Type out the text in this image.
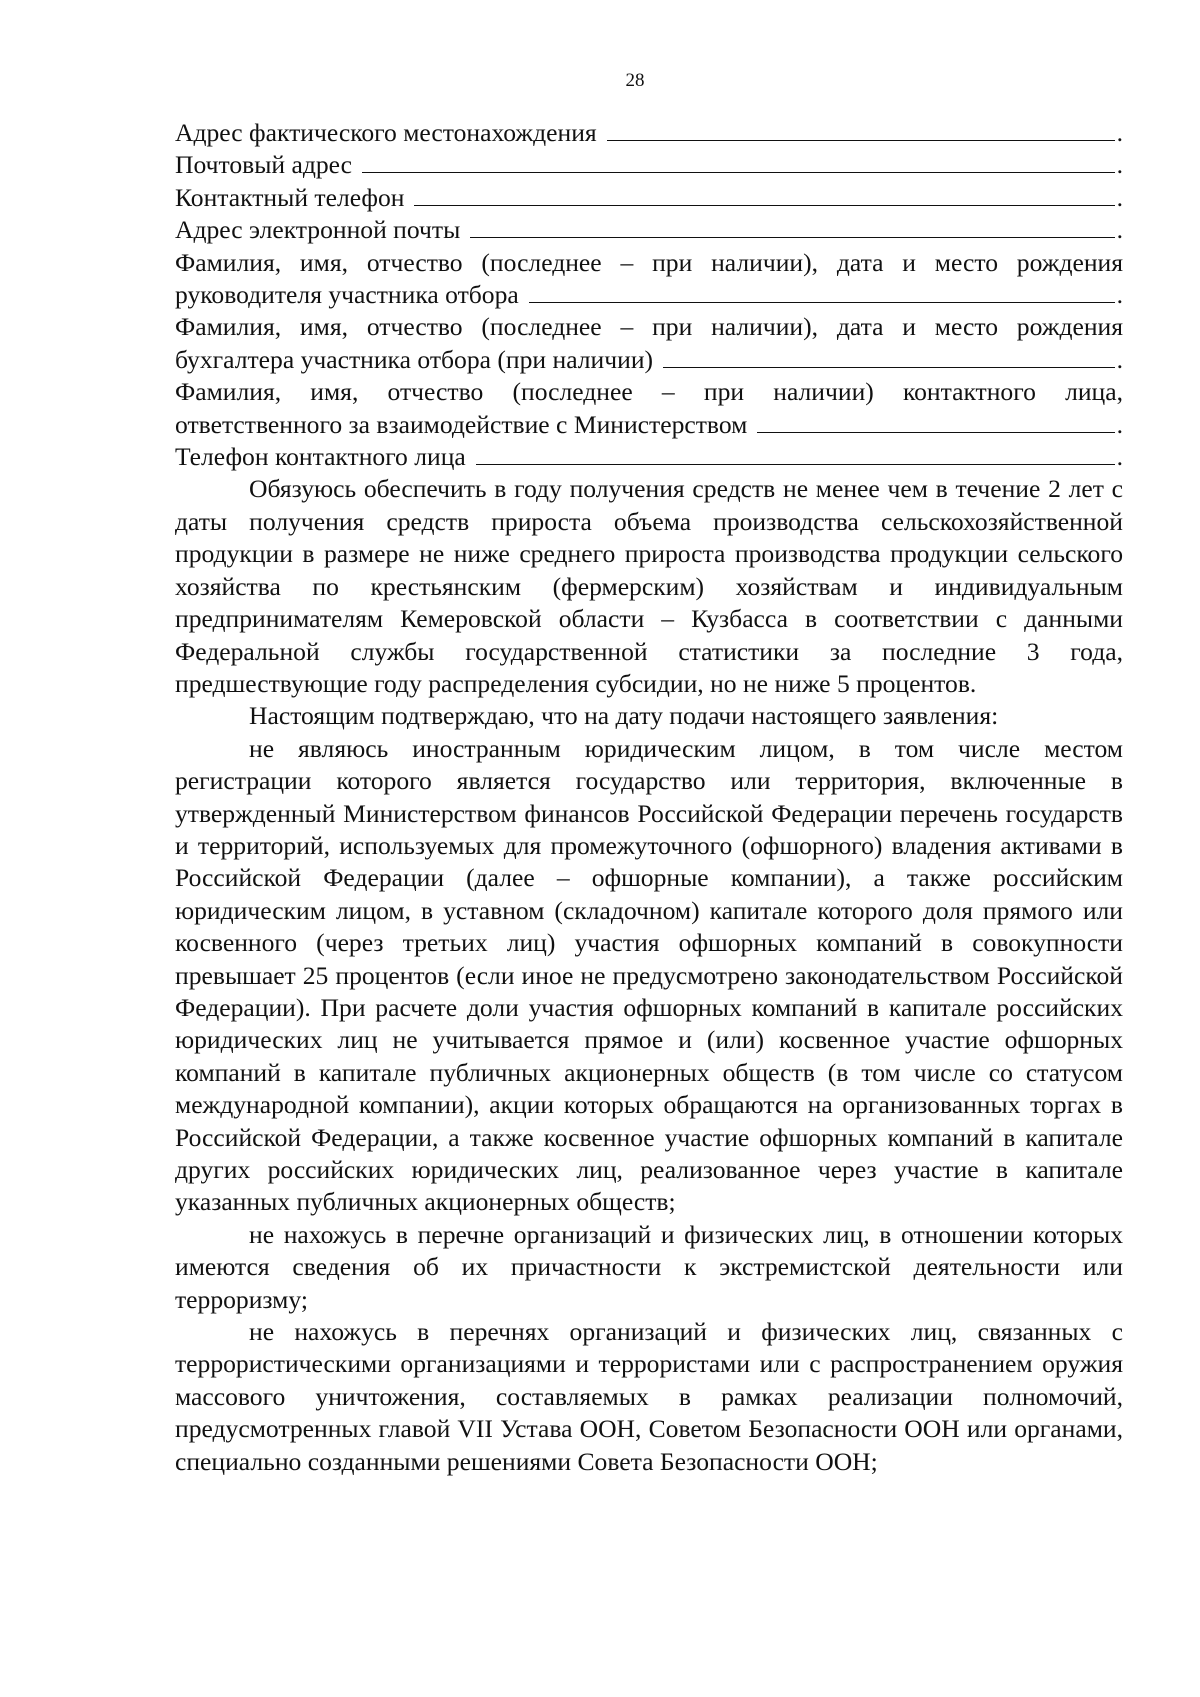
28
Адрес фактического местонахождения	.
Почтовый адрес	.
Контактный телефон	.
Адрес электронной почты	.
Фамилия, имя, отчество (последнее – при наличии), дата и место рождения
руководителя участника отбора	.
Фамилия, имя, отчество (последнее – при наличии), дата и место рождения
бухгалтера участника отбора (при наличии)	.
Фамилия, имя, отчество (последнее – при наличии) контактного лица,
ответственного за взаимодействие с Министерством	.
Телефон контактного лица	.

Обязуюсь обеспечить в году получения средств не менее чем в течение 2 лет с даты получения средств прироста объема производства сельскохозяйственной продукции в размере не ниже среднего прироста производства продукции сельского хозяйства по крестьянским (фермерским) хозяйствам и индивидуальным предпринимателям Кемеровской области – Кузбасса в соответствии с данными Федеральной службы государственной статистики за последние 3 года, предшествующие году распределения субсидии, но не ниже 5 процентов.

Настоящим подтверждаю, что на дату подачи настоящего заявления:

не являюсь иностранным юридическим лицом, в том числе местом регистрации которого является государство или территория, включенные в утвержденный Министерством финансов Российской Федерации перечень государств и территорий, используемых для промежуточного (офшорного) владения активами в Российской Федерации (далее – офшорные компании), а также российским юридическим лицом, в уставном (складочном) капитале которого доля прямого или косвенного (через третьих лиц) участия офшорных компаний в совокупности превышает 25 процентов (если иное не предусмотрено законодательством Российской Федерации). При расчете доли участия офшорных компаний в капитале российских юридических лиц не учитывается прямое и (или) косвенное участие офшорных компаний в капитале публичных акционерных обществ (в том числе со статусом международной компании), акции которых обращаются на организованных торгах в Российской Федерации, а также косвенное участие офшорных компаний в капитале других российских юридических лиц, реализованное через участие в капитале указанных публичных акционерных обществ;

не нахожусь в перечне организаций и физических лиц, в отношении которых имеются сведения об их причастности к экстремистской деятельности или терроризму;

не нахожусь в перечнях организаций и физических лиц, связанных с террористическими организациями и террористами или с распространением оружия массового уничтожения, составляемых в рамках реализации полномочий, предусмотренных главой VII Устава ООН, Советом Безопасности ООН или органами, специально созданными решениями Совета Безопасности ООН;
